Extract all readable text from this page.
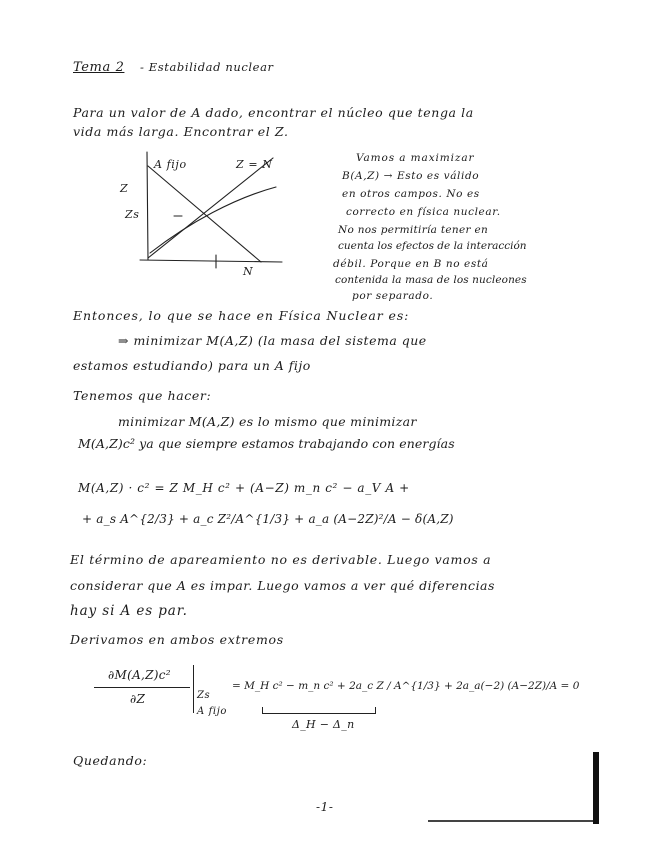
Tema 2 - Estabilidad nuclear
Para un valor de A dado, encontrar el núcleo que tenga la
vida más larga. Encontrar el Z.
A fijo	Z = N
Z
Zs
N
Vamos a maximizar
B(A,Z) → Esto es válido
en otros campos. No es
correcto en física nuclear.
No nos permitiría tener en
cuenta los efectos de la interacción
débil. Porque en B no está
contenida la masa de los nucleones
por separado.
Entonces, lo que se hace en Física Nuclear es:
⇒ minimizar M(A,Z) (la masa del sistema que
estamos estudiando) para un A fijo
Tenemos que hacer:
minimizar M(A,Z) es lo mismo que minimizar
M(A,Z)c² ya que siempre estamos trabajando con energías
M(A,Z) · c² = Z M_H c² + (A−Z) m_n c² − a_V A +
+ a_s A^{2/3} + a_c Z²/A^{1/3} + a_a (A−2Z)²/A − δ(A,Z)
El término de apareamiento no es derivable. Luego vamos a
considerar que A es impar. Luego vamos a ver qué diferencias
hay si A es par.
Derivamos en ambos extremos
∂M(A,Z)c²
∂Z	Zs
A fijo
= M_H c² − m_n c² + 2a_c Z / A^{1/3} + 2a_a(−2) (A−2Z)/A = 0
Δ_H − Δ_n
Quedando:
-1-
